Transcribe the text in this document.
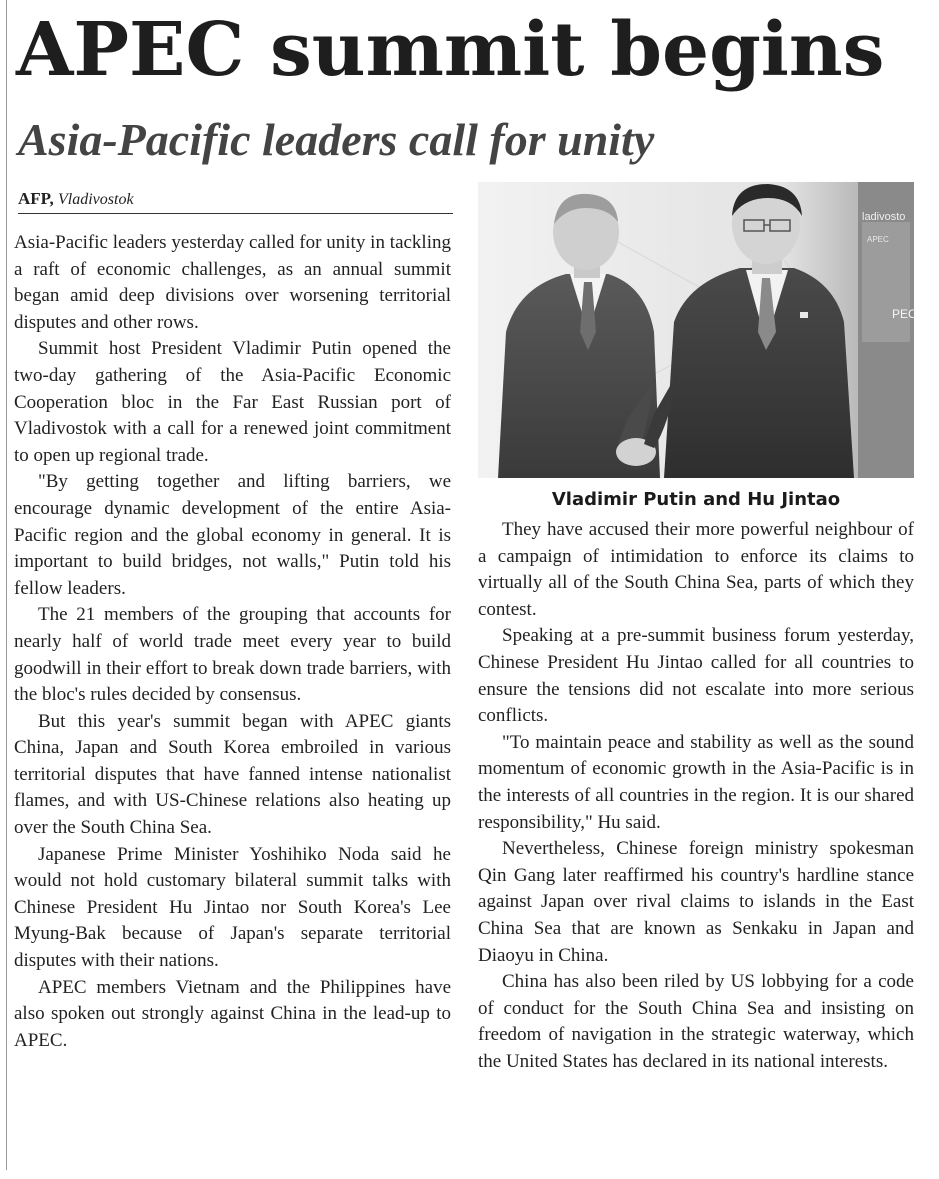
APEC summit begins
Asia-Pacific leaders call for unity
AFP, Vladivostok

Asia-Pacific leaders yesterday called for unity in tackling a raft of economic challenges, as an annual summit began amid deep divisions over worsening territorial disputes and other rows.

Summit host President Vladimir Putin opened the two-day gathering of the Asia-Pacific Economic Cooperation bloc in the Far East Russian port of Vladivostok with a call for a renewed joint commitment to open up regional trade.

"By getting together and lifting barriers, we encourage dynamic development of the entire Asia-Pacific region and the global economy in general. It is important to build bridges, not walls," Putin told his fellow leaders.

The 21 members of the grouping that accounts for nearly half of world trade meet every year to build goodwill in their effort to break down trade barriers, with the bloc's rules decided by consensus.

But this year's summit began with APEC giants China, Japan and South Korea embroiled in various territorial disputes that have fanned intense nationalist flames, and with US-Chinese relations also heating up over the South China Sea.

Japanese Prime Minister Yoshihiko Noda said he would not hold customary bilateral summit talks with Chinese President Hu Jintao nor South Korea's Lee Myung-Bak because of Japan's separate territorial disputes with their nations.

APEC members Vietnam and the Philippines have also spoken out strongly against China in the lead-up to APEC.

ladivosto
APEC
PEC
Vladimir Putin and Hu Jintao

They have accused their more powerful neighbour of a campaign of intimidation to enforce its claims to virtually all of the South China Sea, parts of which they contest.

Speaking at a pre-summit business forum yesterday, Chinese President Hu Jintao called for all countries to ensure the tensions did not escalate into more serious conflicts.

"To maintain peace and stability as well as the sound momentum of economic growth in the Asia-Pacific is in the interests of all countries in the region. It is our shared responsibility," Hu said.

Nevertheless, Chinese foreign ministry spokesman Qin Gang later reaffirmed his country's hardline stance against Japan over rival claims to islands in the East China Sea that are known as Senkaku in Japan and Diaoyu in China.

China has also been riled by US lobbying for a code of conduct for the South China Sea and insisting on freedom of navigation in the strategic waterway, which the United States has declared in its national interests.
